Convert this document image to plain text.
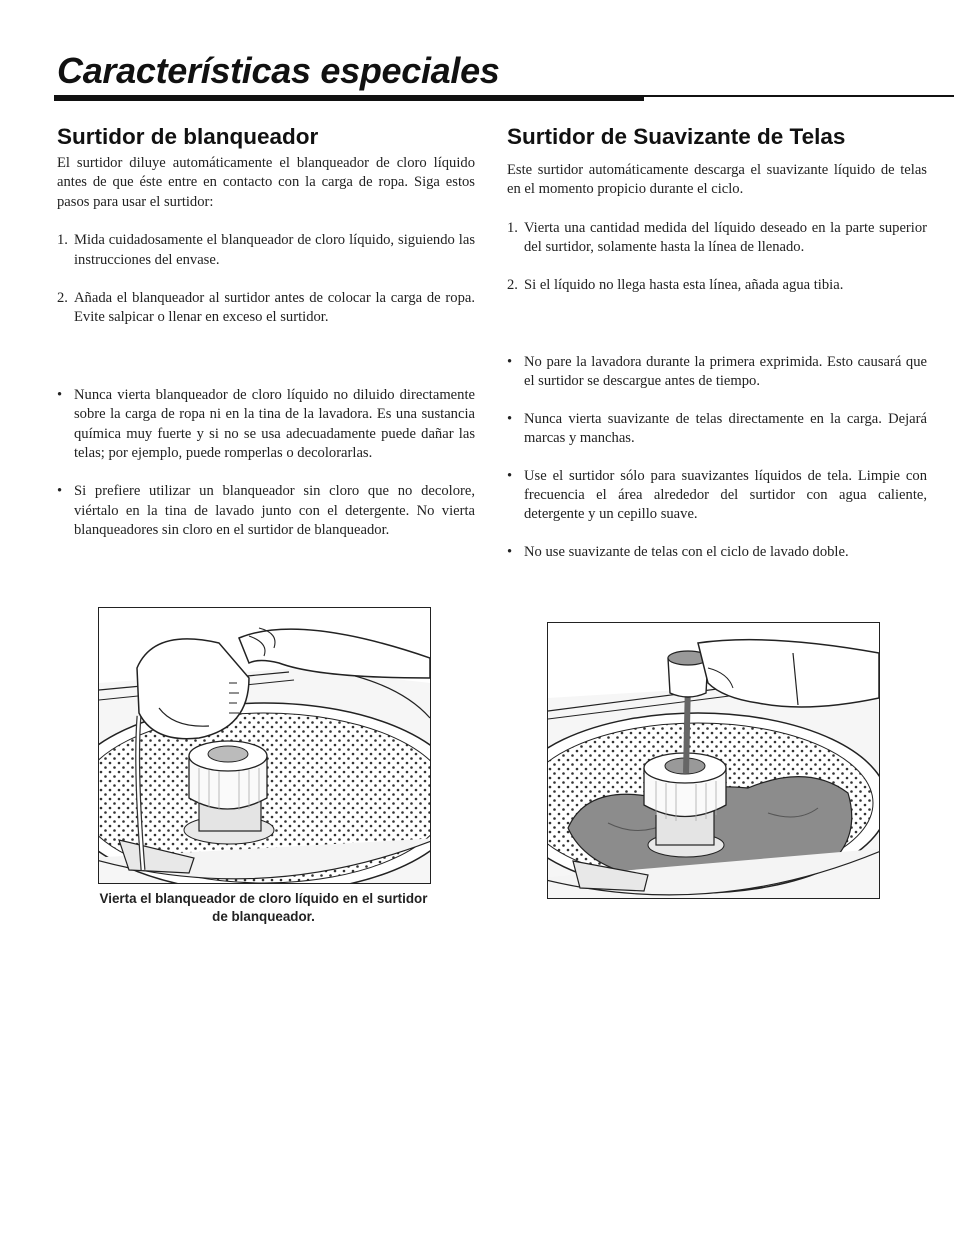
Características especiales
Surtidor de blanqueador

El surtidor diluye automáticamente el blanqueador de cloro líquido antes de que éste entre en contacto con la carga de ropa. Siga estos pasos para usar el surtidor:

1. Mida cuidadosamente el blanqueador de cloro líquido, siguiendo las instrucciones del envase.
2. Añada el blanqueador al surtidor antes de colocar la carga de ropa. Evite salpicar o llenar en exceso el surtidor.
• Nunca vierta blanqueador de cloro líquido no diluido directamente sobre la carga de ropa ni en la tina de la lavadora. Es una sustancia química muy fuerte y si no se usa adecuadamente puede dañar las telas; por ejemplo, puede romperlas o decolorarlas.
• Si prefiere utilizar un blanqueador sin cloro que no decolore, viértalo en la tina de lavado junto con el detergente. No vierta blanqueadores sin cloro en el surtidor de blanqueador.
Surtidor de Suavizante de Telas

Este surtidor automáticamente descarga el suavizante líquido de telas en el momento propicio durante el ciclo.

1. Vierta una cantidad medida del líquido deseado en la parte superior del surtidor, solamente hasta la línea de llenado.
2. Si el líquido no llega hasta esta línea, añada agua tibia.
• No pare la lavadora durante la primera exprimida. Esto causará que el surtidor se descargue antes de tiempo.
• Nunca vierta suavizante de telas directamente en la carga. Dejará marcas y manchas.
• Use el surtidor sólo para suavizantes líquidos de tela. Limpie con frecuencia el área alrededor del surtidor con agua caliente, detergente y un cepillo suave.
• No use suavizante de telas con el ciclo de lavado doble.

Vierta el blanqueador de cloro líquido en el surtidor de blanqueador.
